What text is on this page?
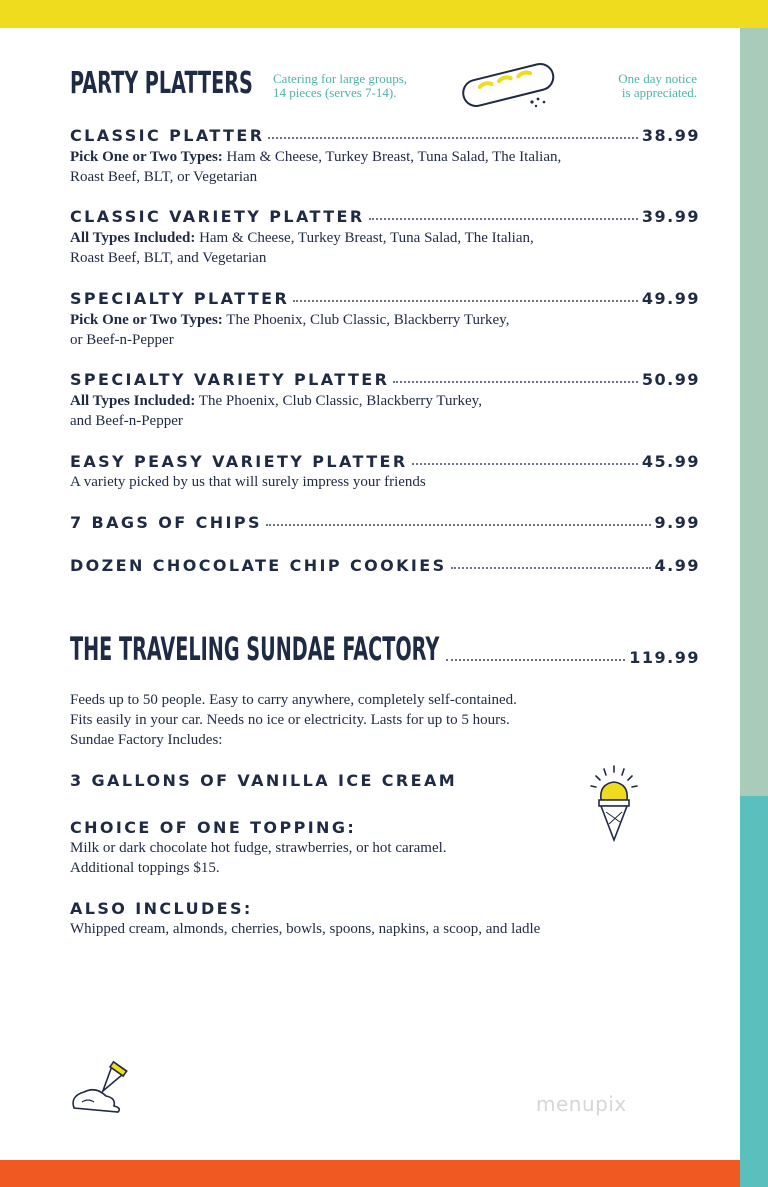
PARTY PLATTERS Catering for large groups,
14 pieces (serves 7-14).
One day notice
is appreciated.
CLASSIC PLATTER	38.99
Pick One or Two Types: Ham & Cheese, Turkey Breast, Tuna Salad, The Italian,
Roast Beef, BLT, or Vegetarian
CLASSIC VARIETY PLATTER	39.99
All Types Included: Ham & Cheese, Turkey Breast, Tuna Salad, The Italian,
Roast Beef, BLT, and Vegetarian
SPECIALTY PLATTER	49.99
Pick One or Two Types: The Phoenix, Club Classic, Blackberry Turkey,
or Beef-n-Pepper
SPECIALTY VARIETY PLATTER	50.99
All Types Included: The Phoenix, Club Classic, Blackberry Turkey,
and Beef-n-Pepper
EASY PEASY VARIETY PLATTER	45.99
A variety picked by us that will surely impress your friends
7 BAGS OF CHIPS	9.99
DOZEN CHOCOLATE CHIP COOKIES	4.99
THE TRAVELING SUNDAE FACTORY	119.99
Feeds up to 50 people. Easy to carry anywhere, completely self-contained.
Fits easily in your car. Needs no ice or electricity. Lasts for up to 5 hours.
Sundae Factory Includes:
3 GALLONS OF VANILLA ICE CREAM
CHOICE OF ONE TOPPING:
Milk or dark chocolate hot fudge, strawberries, or hot caramel.
Additional toppings $15.
ALSO INCLUDES:
Whipped cream, almonds, cherries, bowls, spoons, napkins, a scoop, and ladle
menupix
